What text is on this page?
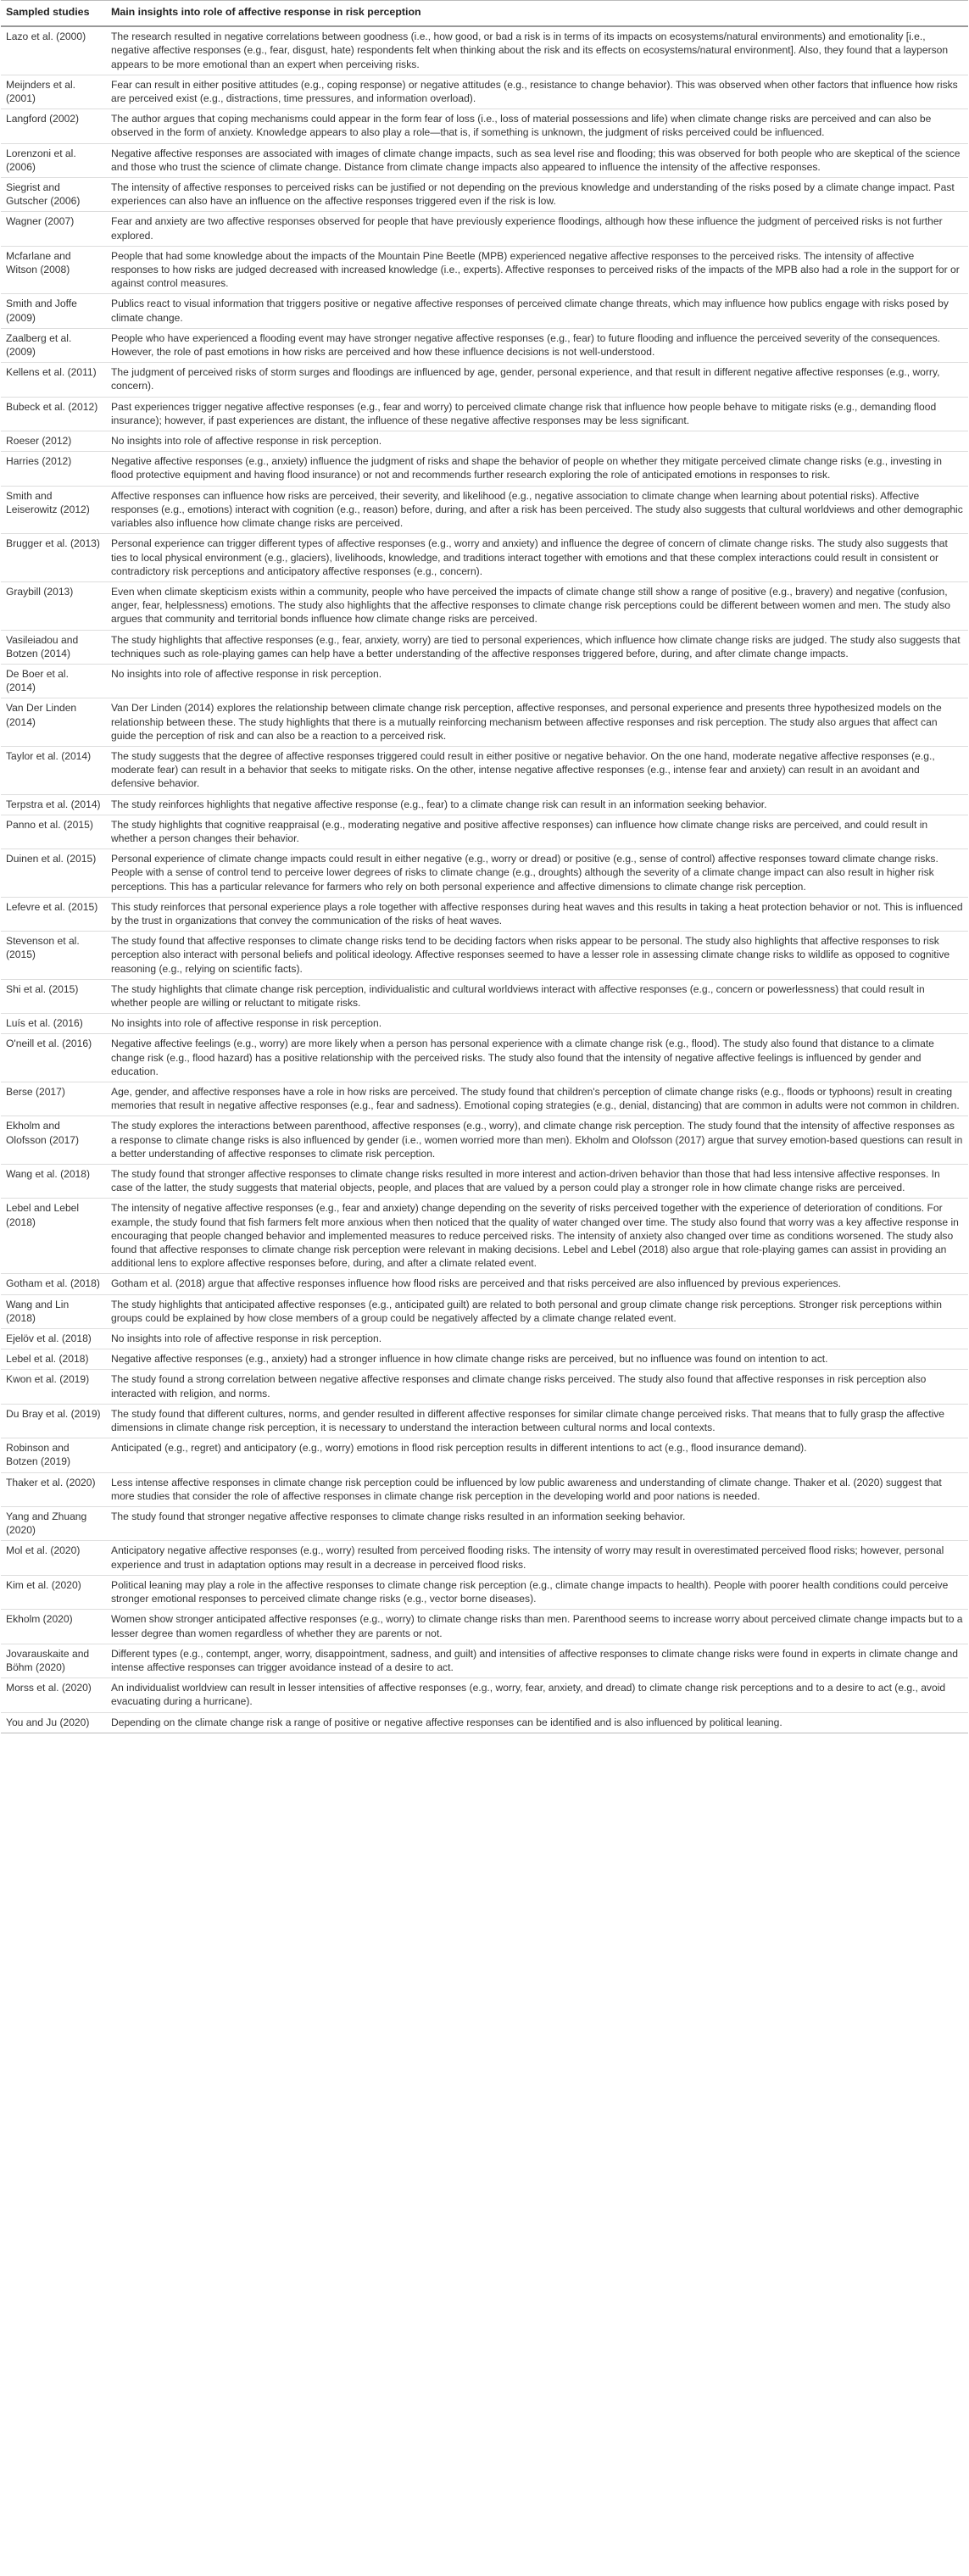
Sampled studies	Main insights into role of affective response in risk perception
Lazo et al. (2000)	The research resulted in negative correlations between goodness (i.e., how good, or bad a risk is in terms of its impacts on ecosystems/natural environments) and emotionality [i.e., negative affective responses (e.g., fear, disgust, hate) respondents felt when thinking about the risk and its effects on ecosystems/natural environment]. Also, they found that a layperson appears to be more emotional than an expert when perceiving risks.
Meijnders et al. (2001)	Fear can result in either positive attitudes (e.g., coping response) or negative attitudes (e.g., resistance to change behavior). This was observed when other factors that influence how risks are perceived exist (e.g., distractions, time pressures, and information overload).
Langford (2002)	The author argues that coping mechanisms could appear in the form fear of loss (i.e., loss of material possessions and life) when climate change risks are perceived and can also be observed in the form of anxiety. Knowledge appears to also play a role—that is, if something is unknown, the judgment of risks perceived could be influenced.
Lorenzoni et al. (2006)	Negative affective responses are associated with images of climate change impacts, such as sea level rise and flooding; this was observed for both people who are skeptical of the science and those who trust the science of climate change. Distance from climate change impacts also appeared to influence the intensity of the affective responses.
Siegrist and Gutscher (2006)	The intensity of affective responses to perceived risks can be justified or not depending on the previous knowledge and understanding of the risks posed by a climate change impact. Past experiences can also have an influence on the affective responses triggered even if the risk is low.
Wagner (2007)	Fear and anxiety are two affective responses observed for people that have previously experience floodings, although how these influence the judgment of perceived risks is not further explored.
Mcfarlane and Witson (2008)	People that had some knowledge about the impacts of the Mountain Pine Beetle (MPB) experienced negative affective responses to the perceived risks. The intensity of affective responses to how risks are judged decreased with increased knowledge (i.e., experts). Affective responses to perceived risks of the impacts of the MPB also had a role in the support for or against control measures.
Smith and Joffe (2009)	Publics react to visual information that triggers positive or negative affective responses of perceived climate change threats, which may influence how publics engage with risks posed by climate change.
Zaalberg et al. (2009)	People who have experienced a flooding event may have stronger negative affective responses (e.g., fear) to future flooding and influence the perceived severity of the consequences. However, the role of past emotions in how risks are perceived and how these influence decisions is not well-understood.
Kellens et al. (2011)	The judgment of perceived risks of storm surges and floodings are influenced by age, gender, personal experience, and that result in different negative affective responses (e.g., worry, concern).
Bubeck et al. (2012)	Past experiences trigger negative affective responses (e.g., fear and worry) to perceived climate change risk that influence how people behave to mitigate risks (e.g., demanding flood insurance); however, if past experiences are distant, the influence of these negative affective responses may be less significant.
Roeser (2012)	No insights into role of affective response in risk perception.
Harries (2012)	Negative affective responses (e.g., anxiety) influence the judgment of risks and shape the behavior of people on whether they mitigate perceived climate change risks (e.g., investing in flood protective equipment and having flood insurance) or not and recommends further research exploring the role of anticipated emotions in responses to risk.
Smith and Leiserowitz (2012)	Affective responses can influence how risks are perceived, their severity, and likelihood (e.g., negative association to climate change when learning about potential risks). Affective responses (e.g., emotions) interact with cognition (e.g., reason) before, during, and after a risk has been perceived. The study also suggests that cultural worldviews and other demographic variables also influence how climate change risks are perceived.
Brugger et al. (2013)	Personal experience can trigger different types of affective responses (e.g., worry and anxiety) and influence the degree of concern of climate change risks. The study also suggests that ties to local physical environment (e.g., glaciers), livelihoods, knowledge, and traditions interact together with emotions and that these complex interactions could result in consistent or contradictory risk perceptions and anticipatory affective responses (e.g., concern).
Graybill (2013)	Even when climate skepticism exists within a community, people who have perceived the impacts of climate change still show a range of positive (e.g., bravery) and negative (confusion, anger, fear, helplessness) emotions. The study also highlights that the affective responses to climate change risk perceptions could be different between women and men. The study also argues that community and territorial bonds influence how climate change risks are perceived.
Vasileiadou and Botzen (2014)	The study highlights that affective responses (e.g., fear, anxiety, worry) are tied to personal experiences, which influence how climate change risks are judged. The study also suggests that techniques such as role-playing games can help have a better understanding of the affective responses triggered before, during, and after climate change impacts.
De Boer et al. (2014)	No insights into role of affective response in risk perception.
Van Der Linden (2014)	Van Der Linden (2014) explores the relationship between climate change risk perception, affective responses, and personal experience and presents three hypothesized models on the relationship between these. The study highlights that there is a mutually reinforcing mechanism between affective responses and risk perception. The study also argues that affect can guide the perception of risk and can also be a reaction to a perceived risk.
Taylor et al. (2014)	The study suggests that the degree of affective responses triggered could result in either positive or negative behavior. On the one hand, moderate negative affective responses (e.g., moderate fear) can result in a behavior that seeks to mitigate risks. On the other, intense negative affective responses (e.g., intense fear and anxiety) can result in an avoidant and defensive behavior.
Terpstra et al. (2014)	The study reinforces highlights that negative affective response (e.g., fear) to a climate change risk can result in an information seeking behavior.
Panno et al. (2015)	The study highlights that cognitive reappraisal (e.g., moderating negative and positive affective responses) can influence how climate change risks are perceived, and could result in whether a person changes their behavior.
Duinen et al. (2015)	Personal experience of climate change impacts could result in either negative (e.g., worry or dread) or positive (e.g., sense of control) affective responses toward climate change risks. People with a sense of control tend to perceive lower degrees of risks to climate change (e.g., droughts) although the severity of a climate change impact can also result in higher risk perceptions. This has a particular relevance for farmers who rely on both personal experience and affective dimensions to climate change risk perception.
Lefevre et al. (2015)	This study reinforces that personal experience plays a role together with affective responses during heat waves and this results in taking a heat protection behavior or not. This is influenced by the trust in organizations that convey the communication of the risks of heat waves.
Stevenson et al. (2015)	The study found that affective responses to climate change risks tend to be deciding factors when risks appear to be personal. The study also highlights that affective responses to risk perception also interact with personal beliefs and political ideology. Affective responses seemed to have a lesser role in assessing climate change risks to wildlife as opposed to cognitive reasoning (e.g., relying on scientific facts).
Shi et al. (2015)	The study highlights that climate change risk perception, individualistic and cultural worldviews interact with affective responses (e.g., concern or powerlessness) that could result in whether people are willing or reluctant to mitigate risks.
Luís et al. (2016)	No insights into role of affective response in risk perception.
O'neill et al. (2016)	Negative affective feelings (e.g., worry) are more likely when a person has personal experience with a climate change risk (e.g., flood). The study also found that distance to a climate change risk (e.g., flood hazard) has a positive relationship with the perceived risks. The study also found that the intensity of negative affective feelings is influenced by gender and education.
Berse (2017)	Age, gender, and affective responses have a role in how risks are perceived. The study found that children's perception of climate change risks (e.g., floods or typhoons) result in creating memories that result in negative affective responses (e.g., fear and sadness). Emotional coping strategies (e.g., denial, distancing) that are common in adults were not common in children.
Ekholm and Olofsson (2017)	The study explores the interactions between parenthood, affective responses (e.g., worry), and climate change risk perception. The study found that the intensity of affective responses as a response to climate change risks is also influenced by gender (i.e., women worried more than men). Ekholm and Olofsson (2017) argue that survey emotion-based questions can result in a better understanding of affective responses to climate risk perception.
Wang et al. (2018)	The study found that stronger affective responses to climate change risks resulted in more interest and action-driven behavior than those that had less intensive affective responses. In case of the latter, the study suggests that material objects, people, and places that are valued by a person could play a stronger role in how climate change risks are perceived.
Lebel and Lebel (2018)	The intensity of negative affective responses (e.g., fear and anxiety) change depending on the severity of risks perceived together with the experience of deterioration of conditions. For example, the study found that fish farmers felt more anxious when then noticed that the quality of water changed over time. The study also found that worry was a key affective response in encouraging that people changed behavior and implemented measures to reduce perceived risks. The intensity of anxiety also changed over time as conditions worsened. The study also found that affective responses to climate change risk perception were relevant in making decisions. Lebel and Lebel (2018) also argue that role-playing games can assist in providing an additional lens to explore affective responses before, during, and after a climate related event.
Gotham et al. (2018)	Gotham et al. (2018) argue that affective responses influence how flood risks are perceived and that risks perceived are also influenced by previous experiences.
Wang and Lin (2018)	The study highlights that anticipated affective responses (e.g., anticipated guilt) are related to both personal and group climate change risk perceptions. Stronger risk perceptions within groups could be explained by how close members of a group could be negatively affected by a climate change related event.
Ejelöv et al. (2018)	No insights into role of affective response in risk perception.
Lebel et al. (2018)	Negative affective responses (e.g., anxiety) had a stronger influence in how climate change risks are perceived, but no influence was found on intention to act.
Kwon et al. (2019)	The study found a strong correlation between negative affective responses and climate change risks perceived. The study also found that affective responses in risk perception also interacted with religion, and norms.
Du Bray et al. (2019)	The study found that different cultures, norms, and gender resulted in different affective responses for similar climate change perceived risks. That means that to fully grasp the affective dimensions in climate change risk perception, it is necessary to understand the interaction between cultural norms and local contexts.
Robinson and Botzen (2019)	Anticipated (e.g., regret) and anticipatory (e.g., worry) emotions in flood risk perception results in different intentions to act (e.g., flood insurance demand).
Thaker et al. (2020)	Less intense affective responses in climate change risk perception could be influenced by low public awareness and understanding of climate change. Thaker et al. (2020) suggest that more studies that consider the role of affective responses in climate change risk perception in the developing world and poor nations is needed.
Yang and Zhuang (2020)	The study found that stronger negative affective responses to climate change risks resulted in an information seeking behavior.
Mol et al. (2020)	Anticipatory negative affective responses (e.g., worry) resulted from perceived flooding risks. The intensity of worry may result in overestimated perceived flood risks; however, personal experience and trust in adaptation options may result in a decrease in perceived flood risks.
Kim et al. (2020)	Political leaning may play a role in the affective responses to climate change risk perception (e.g., climate change impacts to health). People with poorer health conditions could perceive stronger emotional responses to perceived climate change risks (e.g., vector borne diseases).
Ekholm (2020)	Women show stronger anticipated affective responses (e.g., worry) to climate change risks than men. Parenthood seems to increase worry about perceived climate change impacts but to a lesser degree than women regardless of whether they are parents or not.
Jovarauskaite and Böhm (2020)	Different types (e.g., contempt, anger, worry, disappointment, sadness, and guilt) and intensities of affective responses to climate change risks were found in experts in climate change and intense affective responses can trigger avoidance instead of a desire to act.
Morss et al. (2020)	An individualist worldview can result in lesser intensities of affective responses (e.g., worry, fear, anxiety, and dread) to climate change risk perceptions and to a desire to act (e.g., avoid evacuating during a hurricane).
You and Ju (2020)	Depending on the climate change risk a range of positive or negative affective responses can be identified and is also influenced by political leaning.
